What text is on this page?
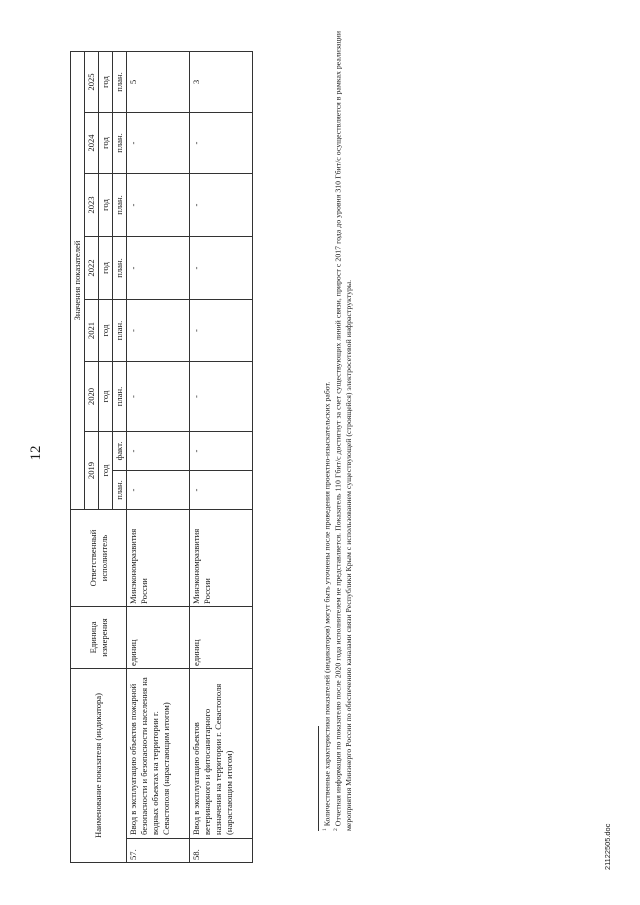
12
Наименование показателя (индикатора)		Единица измерения	Ответственный исполнитель	Значения показателей							
				2019		2020	2021	2022	2023	2024	2025
				год		год	год	год	год	год	год
				план.	факт.	план.	план.	план.	план.	план.	план.
57.	Ввод в эксплуатацию объектов пожарной безопасности и безопасности населения на водных объектах на территории г. Севастополя (нарастающим итогом)	единиц	Минэкономразвития России	-	-	-	-	-	-	-	5
58.	Ввод в эксплуатацию объектов ветеринарного и фитосанитарного назначения на территории г. Севастополя (нарастающим итогом)	единиц	Минэкономразвития России	-	-	-	-	-	-	-	3

$^1$ Количественные характеристики показателей (индикаторов) могут быть уточнены после проведения проектно-изыскательских работ.

$^2$ Отчетная информация по показателю после 2020 года исполнителем не представляется. Показатель 110 Гбит/с достигнут за счет существующих линий связи, прирост с 2017 года до уровня 310 Гбит/с осуществляется в рамках реализации мероприятия Минэнерго России по обеспечению каналами связи Республики Крым с использованием существующей (строящейся) электросетевой инфраструктуры.

21122505.doc
